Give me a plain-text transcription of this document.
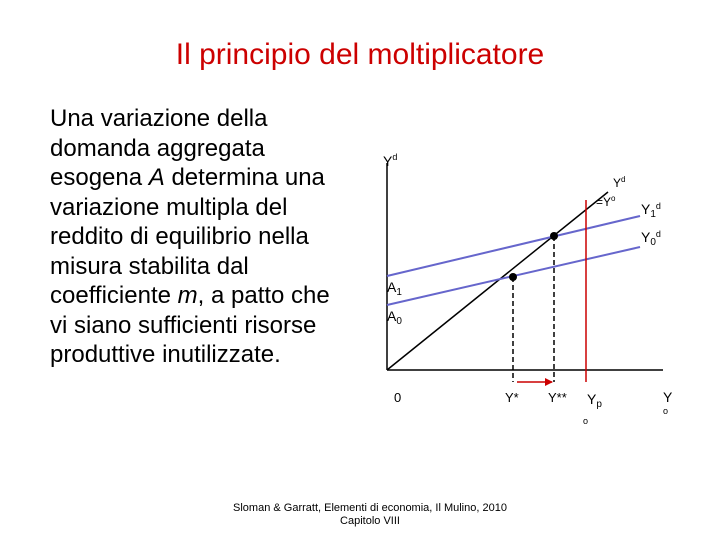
Il principio del moltiplicatore
Una variazione della domanda aggregata esogena A determina una variazione multipla del reddito di equilibrio nella misura stabilita dal coefficiente m, a patto che vi siano sufficienti risorse produttive inutilizzate.
$Y^d$
$Y^d$
$=Y^o$
$Y_1^d$
$Y_0^d$
$A_1$
$A_0$
0	Y* Y** $Y_p$
o
Y
o
Sloman & Garratt, Elementi di economia, Il Mulino, 2010
Capitolo VIII
